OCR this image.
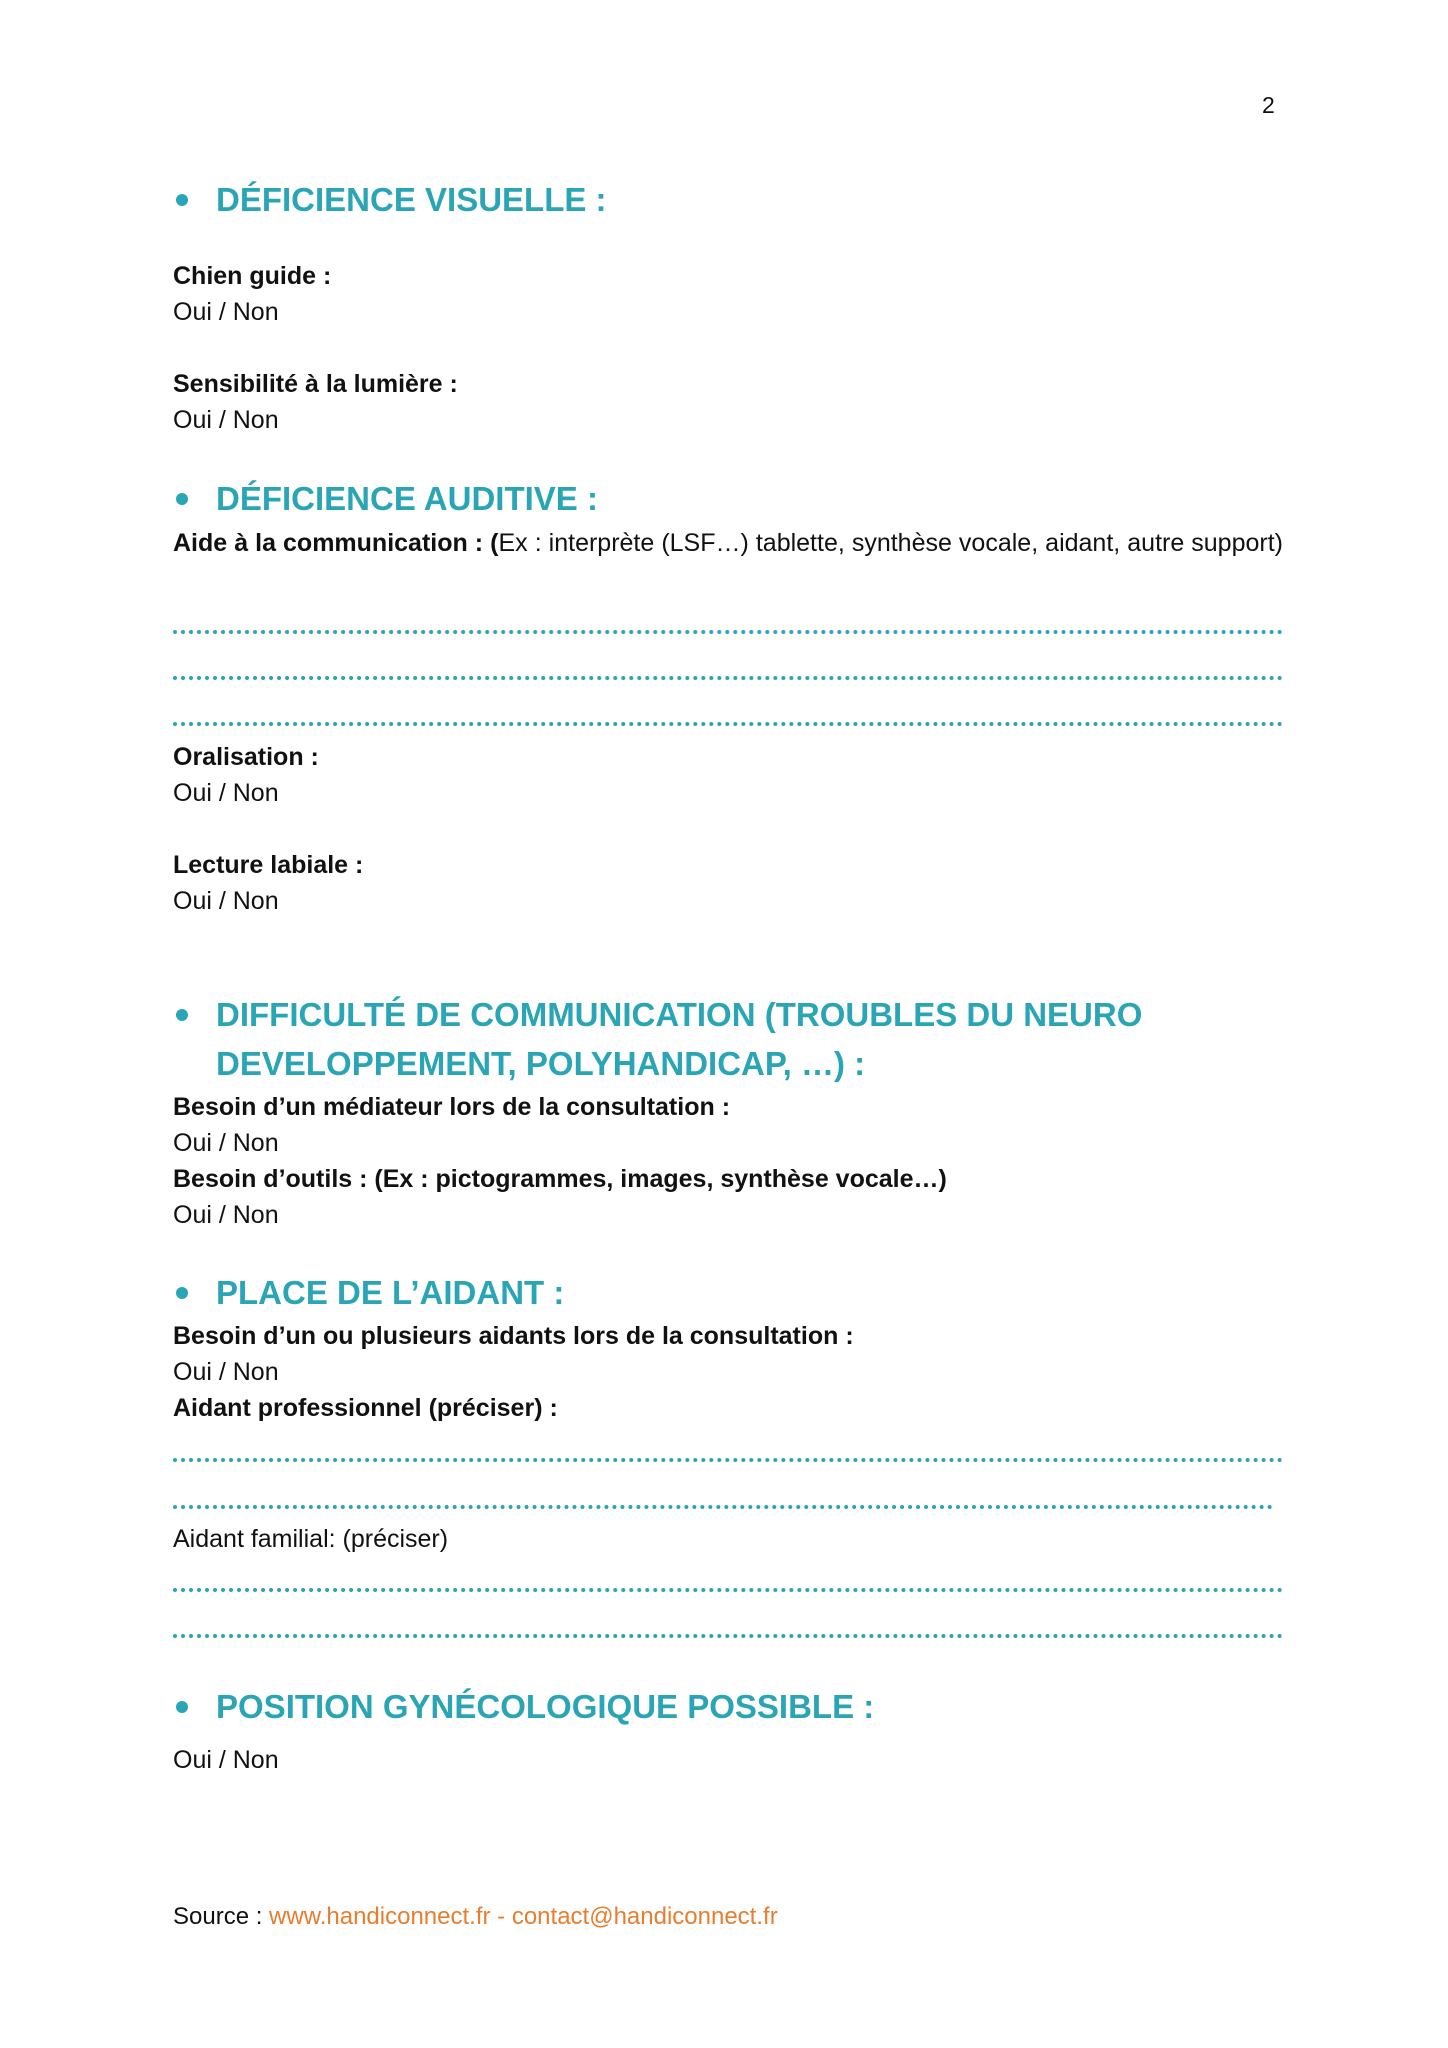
2
DÉFICIENCE VISUELLE :
Chien guide :
Oui / Non
Sensibilité à la lumière :
Oui / Non
DÉFICIENCE AUDITIVE :
Aide à la communication : (Ex : interprète (LSF…) tablette, synthèse vocale, aidant, autre support)
Oralisation :
Oui / Non
Lecture labiale :
Oui / Non
DIFFICULTÉ DE COMMUNICATION (TROUBLES DU NEURO
DEVELOPPEMENT, POLYHANDICAP, …) :
Besoin d’un médiateur lors de la consultation :
Oui / Non
Besoin d’outils : (Ex : pictogrammes, images, synthèse vocale…)
Oui / Non
PLACE DE L’AIDANT :
Besoin d’un ou plusieurs aidants lors de la consultation :
Oui / Non
Aidant professionnel (préciser) :
Aidant familial: (préciser)
POSITION GYNÉCOLOGIQUE POSSIBLE :
Oui / Non
Source : www.handiconnect.fr - contact@handiconnect.fr
